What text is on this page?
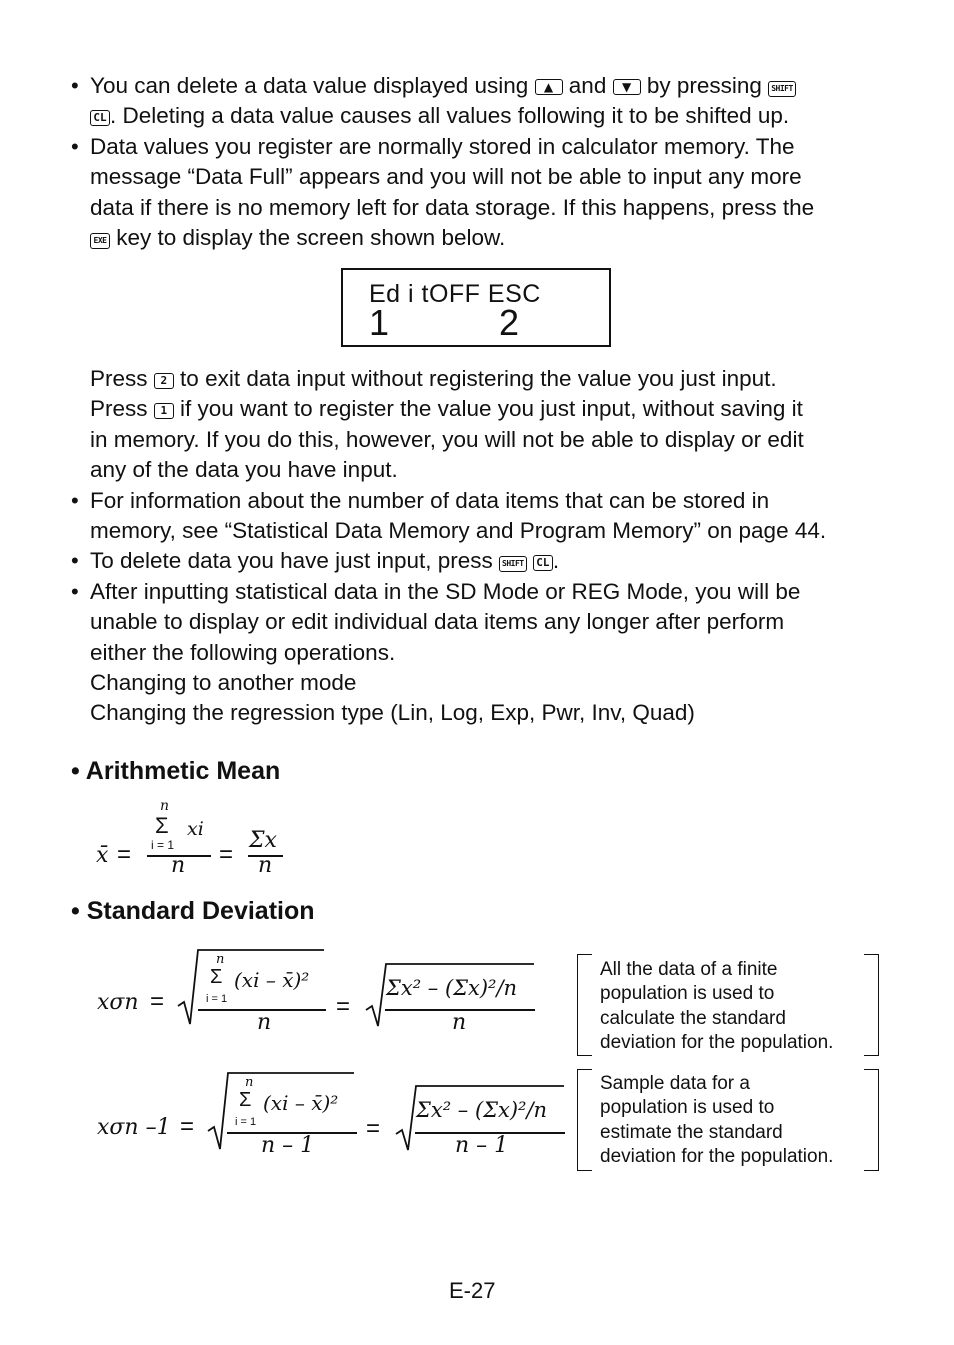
• You can delete a data value displayed using ▲ and ▼ by pressing SHIFT
CL . Deleting a data value causes all values following it to be shifted up.
• Data values you register are normally stored in calculator memory. The
message “Data Full” appears and you will not be able to input any more
data if there is no memory left for data storage. If this happens, press the
EXE key to display the screen shown below.
Ed i tOFF ESC
1	2
Press 2 to exit data input without registering the value you just input.
Press 1 if you want to register the value you just input, without saving it
in memory. If you do this, however, you will not be able to display or edit
any of the data you have input.
• For information about the number of data items that can be stored in
memory, see “Statistical Data Memory and Program Memory” on page 44.
• To delete data you have just input, press SHIFT CL .
• After inputting statistical data in the SD Mode or REG Mode, you will be
unable to display or edit individual data items any longer after perform
either the following operations.
Changing to another mode
Changing the regression type (Lin, Log, Exp, Pwr, Inv, Quad)
• Arithmetic Mean
x̄ =
n
Σ xi
i = 1
n =
Σx
n
• Standard Deviation
xσn =
n
Σ (xi – x̄)²
i = 1
n
=
Σx² – (Σx)²/n
n
All the data of a finite
population is used to
calculate the standard
deviation for the population.
xσn –1 =
n
Σ (xi – x̄)²
i = 1
n – 1
=
Σx² – (Σx)²/n
n – 1
Sample data for a
population is used to
estimate the standard
deviation for the population.
E-27
